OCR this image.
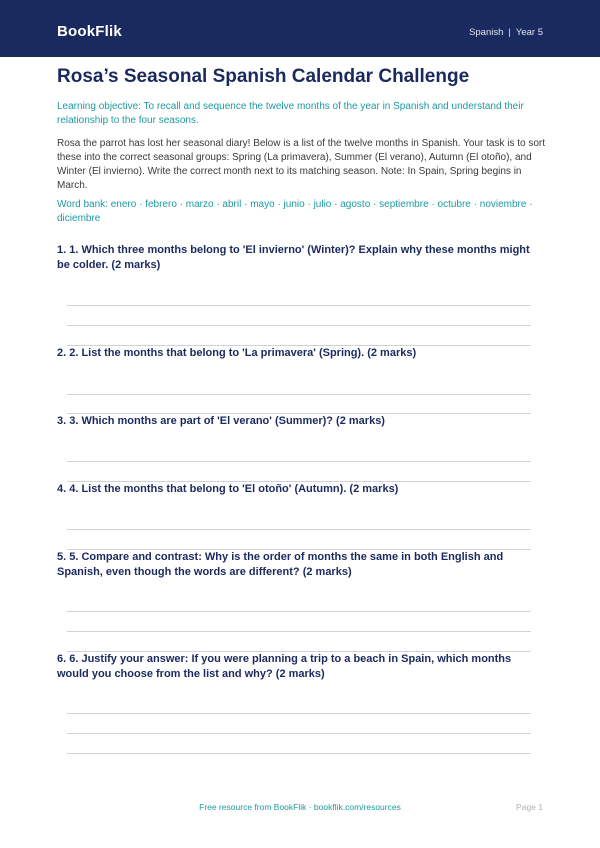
BookFlik	Spanish | Year 5
Rosa’s Seasonal Spanish Calendar Challenge
Learning objective: To recall and sequence the twelve months of the year in Spanish and understand their relationship to the four seasons.
Rosa the parrot has lost her seasonal diary! Below is a list of the twelve months in Spanish. Your task is to sort these into the correct seasonal groups: Spring (La primavera), Summer (El verano), Autumn (El otoño), and Winter (El invierno). Write the correct month next to its matching season. Note: In Spain, Spring begins in March.
Word bank: enero · febrero · marzo · abril · mayo · junio · julio · agosto · septiembre · octubre · noviembre · diciembre
1. 1. Which three months belong to 'El invierno' (Winter)? Explain why these months might be colder. (2 marks)
2. 2. List the months that belong to 'La primavera' (Spring). (2 marks)
3. 3. Which months are part of 'El verano' (Summer)? (2 marks)
4. 4. List the months that belong to 'El otoño' (Autumn). (2 marks)
5. 5. Compare and contrast: Why is the order of months the same in both English and Spanish, even though the words are different? (2 marks)
6. 6. Justify your answer: If you were planning a trip to a beach in Spain, which months would you choose from the list and why? (2 marks)
Free resource from BookFlik · bookflik.com/resources	Page 1
